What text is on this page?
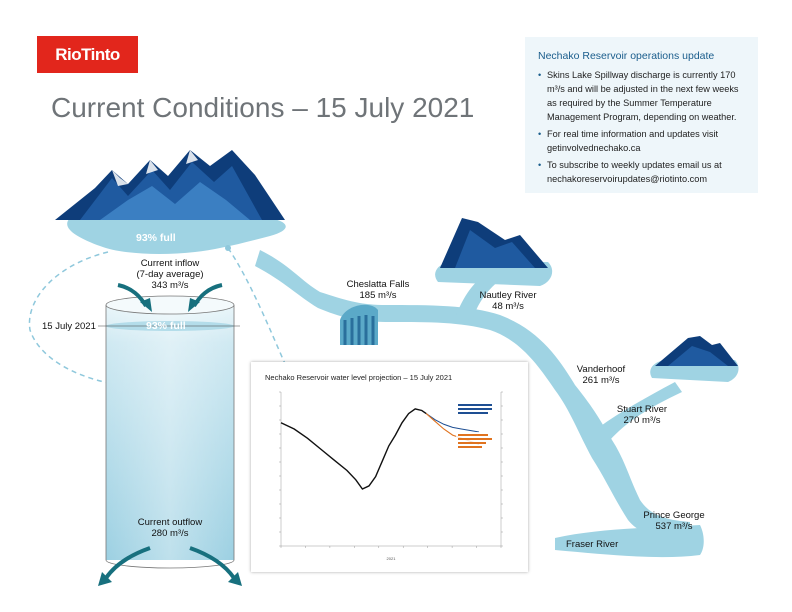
RioTinto
Current Conditions – 15 July 2021
Nechako Reservoir operations update
• Skins Lake Spillway discharge is currently 170 m³/s and will be adjusted in the next few weeks as required by the Summer Temperature Management Program, depending on weather.
• For real time information and updates visit getinvolvednechako.ca
• To subscribe to weekly updates email us at nechakoreservoirupdates@riotinto.com
93% full
Current inflow
(7-day average)
343 m³/s
15 July 2021	93% full
Current outflow
280 m³/s
Cheslatta Falls
185 m³/s	Nautley River
48 m³/s
Vanderhoof
261 m³/s
Stuart River
270 m³/s
Prince George
537 m³/s
Fraser River
Nechako Reservoir water level projection – 15 July 2021
2021
